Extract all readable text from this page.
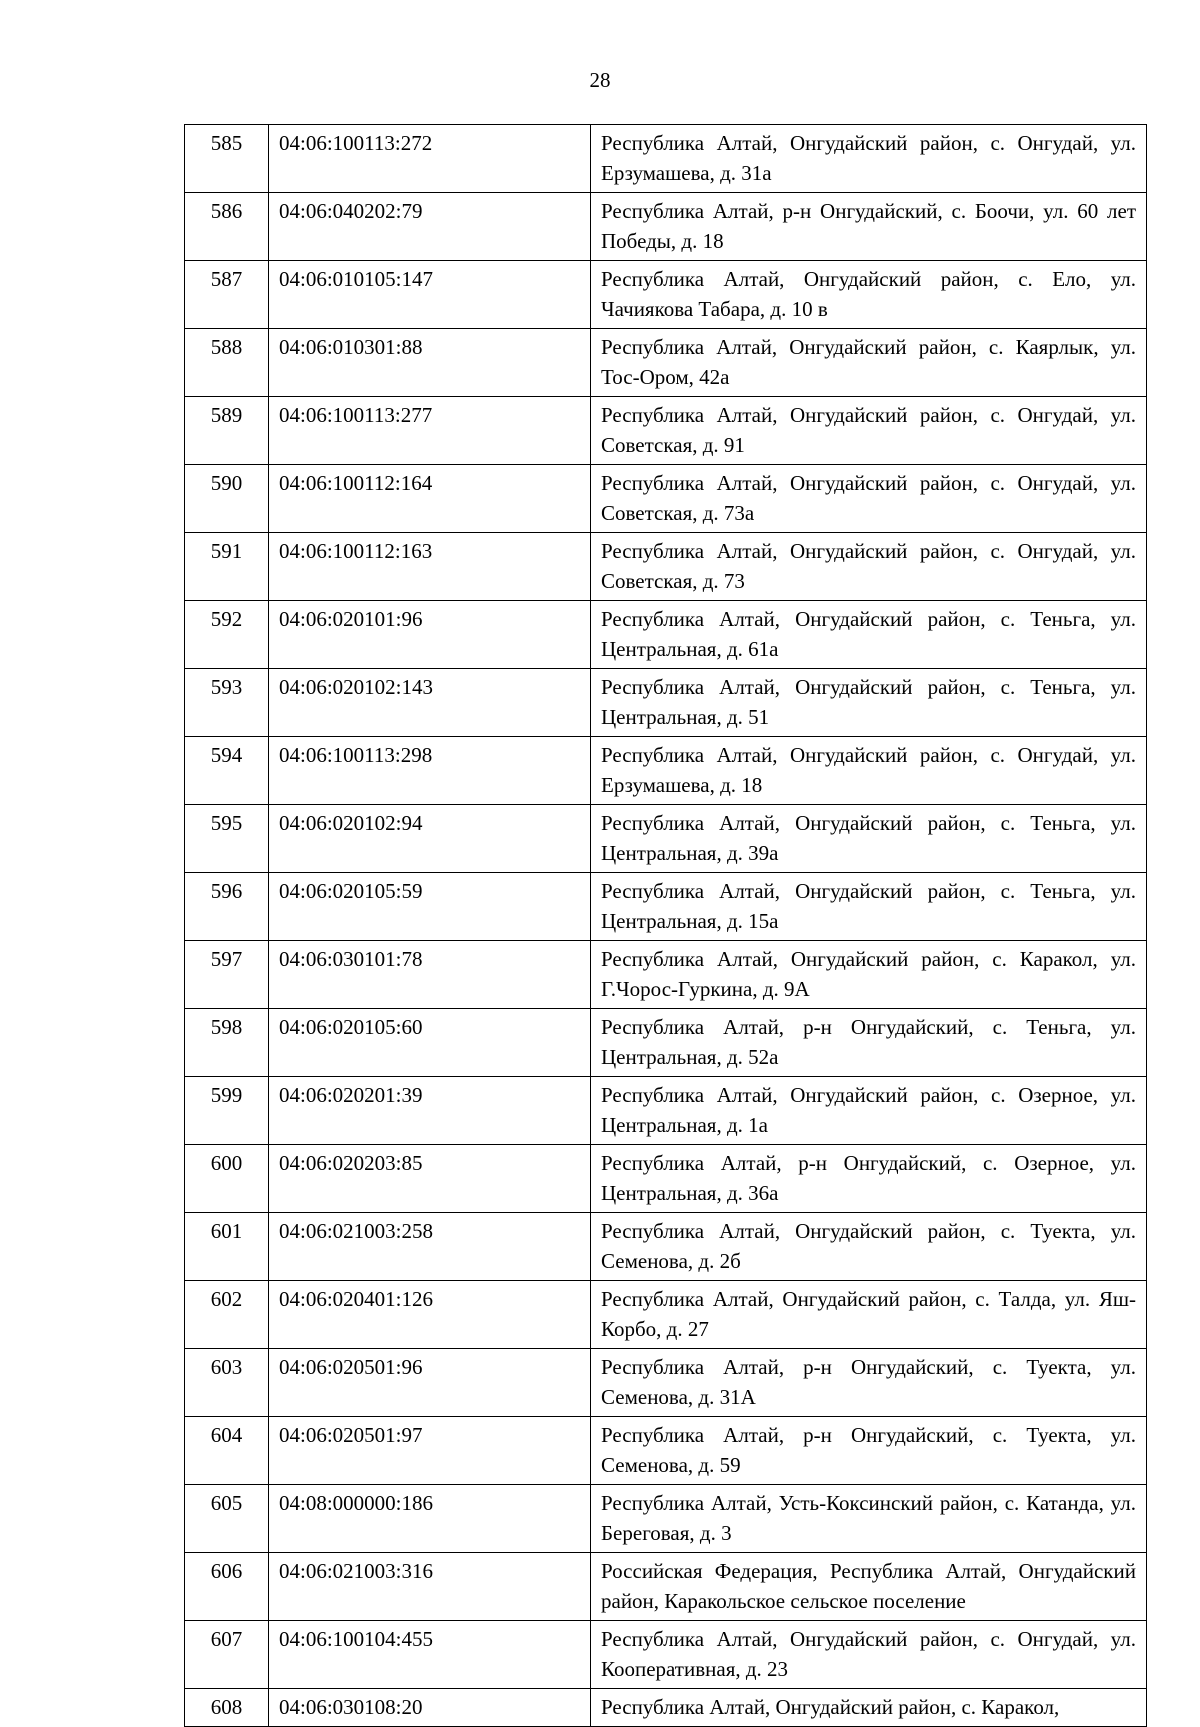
28
585	04:06:100113:272	Республика Алтай, Онгудайский район, с. Онгудай, ул. Ерзумашева, д. 31а
586	04:06:040202:79	Республика Алтай, р-н Онгудайский, с. Боочи, ул. 60 лет Победы, д. 18
587	04:06:010105:147	Республика Алтай, Онгудайский район, с. Ело, ул. Чачиякова Табара, д. 10 в
588	04:06:010301:88	Республика Алтай, Онгудайский район, с. Каярлык, ул. Тос-Ором, 42а
589	04:06:100113:277	Республика Алтай, Онгудайский район, с. Онгудай, ул. Советская, д. 91
590	04:06:100112:164	Республика Алтай, Онгудайский район, с. Онгудай, ул. Советская, д. 73а
591	04:06:100112:163	Республика Алтай, Онгудайский район, с. Онгудай, ул. Советская, д. 73
592	04:06:020101:96	Республика Алтай, Онгудайский район, с. Теньга, ул. Центральная, д. 61а
593	04:06:020102:143	Республика Алтай, Онгудайский район, с. Теньга, ул. Центральная, д. 51
594	04:06:100113:298	Республика Алтай, Онгудайский район, с. Онгудай, ул. Ерзумашева, д. 18
595	04:06:020102:94	Республика Алтай, Онгудайский район, с. Теньга, ул. Центральная, д. 39а
596	04:06:020105:59	Республика Алтай, Онгудайский район, с. Теньга, ул. Центральная, д. 15а
597	04:06:030101:78	Республика Алтай, Онгудайский район, с. Каракол, ул. Г.Чорос-Гуркина, д. 9А
598	04:06:020105:60	Республика Алтай, р-н Онгудайский, с. Теньга, ул. Центральная, д. 52а
599	04:06:020201:39	Республика Алтай, Онгудайский район, с. Озерное, ул. Центральная, д. 1а
600	04:06:020203:85	Республика Алтай, р-н Онгудайский, с. Озерное, ул. Центральная, д. 36а
601	04:06:021003:258	Республика Алтай, Онгудайский район, с. Туекта, ул. Семенова, д. 2б
602	04:06:020401:126	Республика Алтай, Онгудайский район, с. Талда, ул. Яш-Корбо, д. 27
603	04:06:020501:96	Республика Алтай, р-н Онгудайский, с. Туекта, ул. Семенова, д. 31А
604	04:06:020501:97	Республика Алтай, р-н Онгудайский, с. Туекта, ул. Семенова, д. 59
605	04:08:000000:186	Республика Алтай, Усть-Коксинский район, с. Катанда, ул. Береговая, д. 3
606	04:06:021003:316	Российская Федерация, Республика Алтай, Онгудайский район, Каракольское сельское поселение
607	04:06:100104:455	Республика Алтай, Онгудайский район, с. Онгудай, ул. Кооперативная, д. 23
608	04:06:030108:20	Республика Алтай, Онгудайский район, с. Каракол,
